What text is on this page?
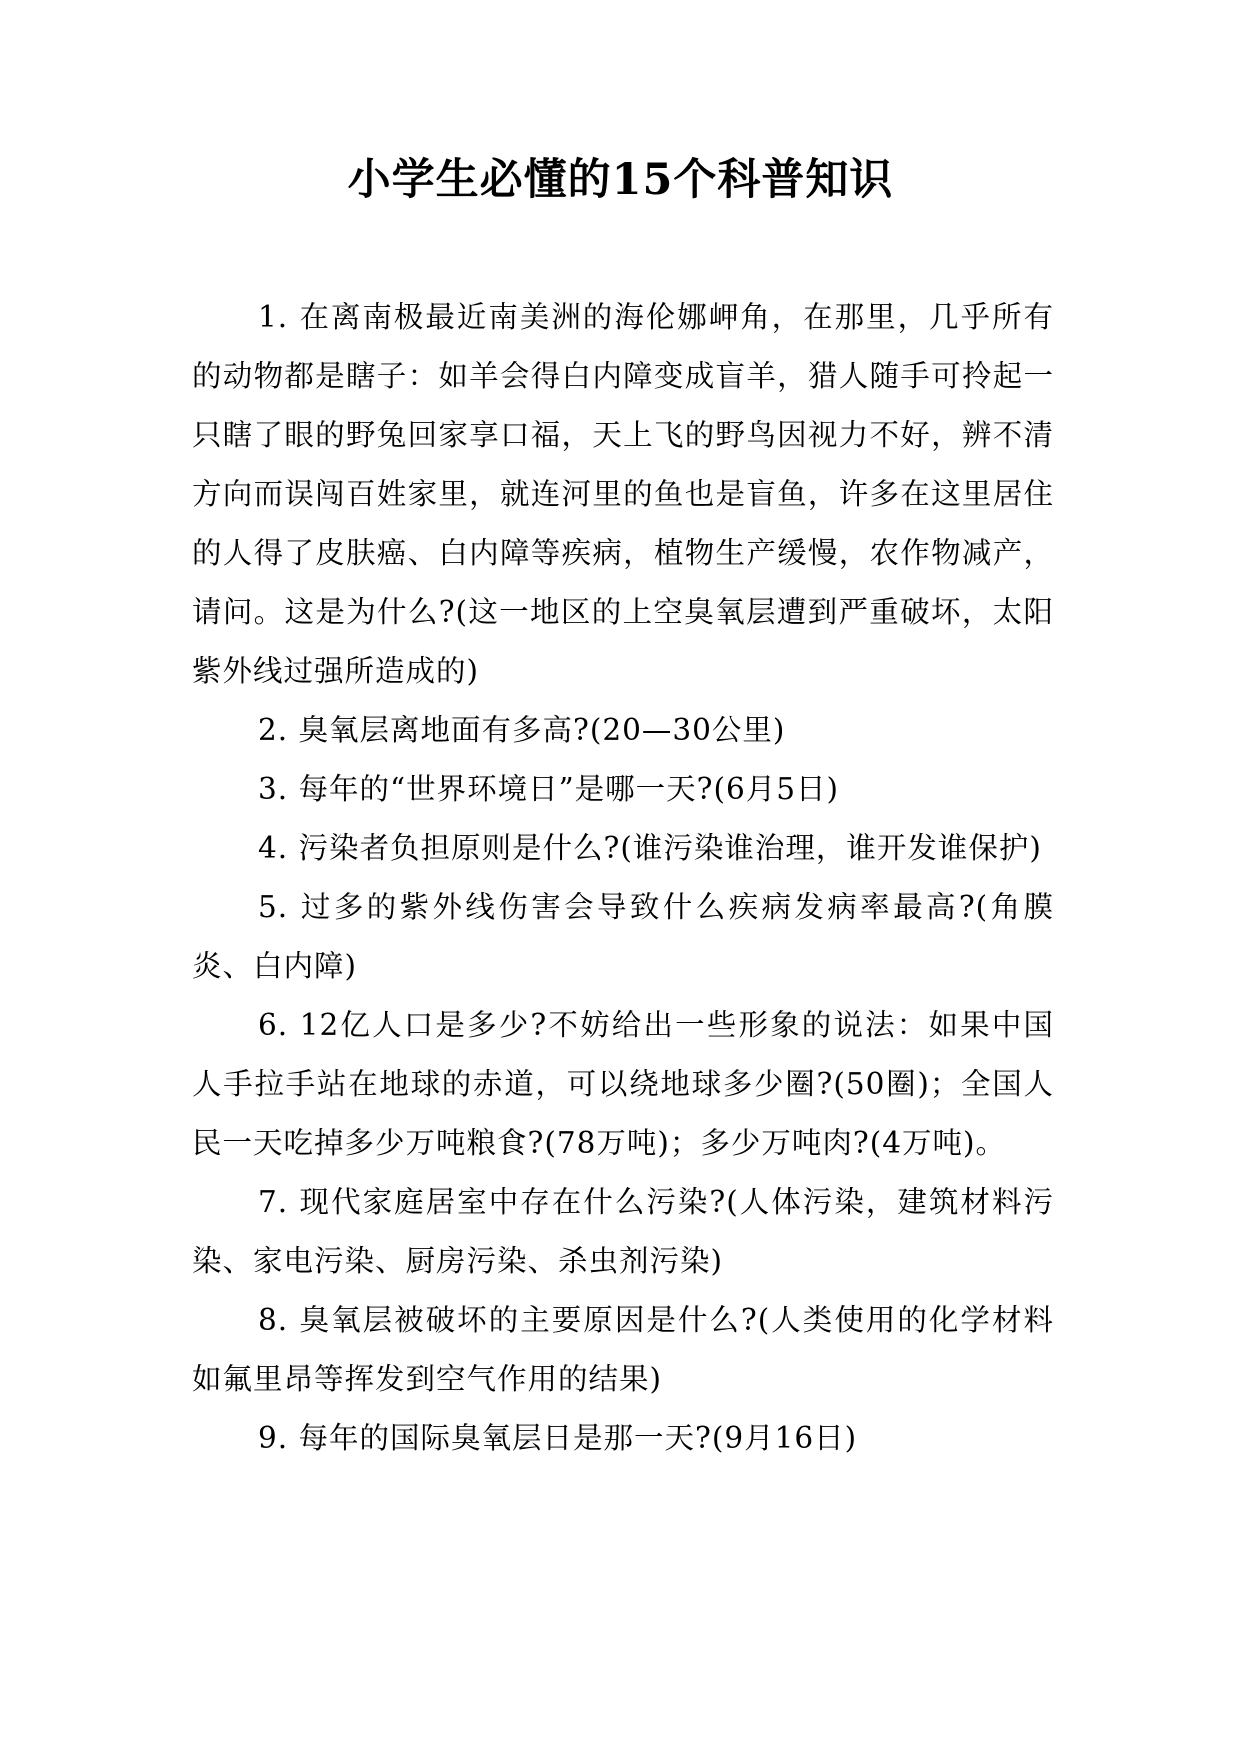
小学生必懂的15个科普知识

1. 在离南极最近南美洲的海伦娜岬角，在那里，几乎所有的动物都是瞎子：如羊会得白内障变成盲羊，猎人随手可拎起一只瞎了眼的野兔回家享口福，天上飞的野鸟因视力不好，辨不清方向而误闯百姓家里，就连河里的鱼也是盲鱼，许多在这里居住的人得了皮肤癌、白内障等疾病，植物生产缓慢，农作物减产，请问。这是为什么?(这一地区的上空臭氧层遭到严重破坏，太阳紫外线过强所造成的)

2. 臭氧层离地面有多高?(20—30公里)

3. 每年的“世界环境日”是哪一天?(6月5日)

4. 污染者负担原则是什么?(谁污染谁治理，谁开发谁保护)

5. 过多的紫外线伤害会导致什么疾病发病率最高?(角膜炎、白内障)

6. 12亿人口是多少?不妨给出一些形象的说法：如果中国人手拉手站在地球的赤道，可以绕地球多少圈?(50圈)；全国人民一天吃掉多少万吨粮食?(78万吨)；多少万吨肉?(4万吨)。

7. 现代家庭居室中存在什么污染?(人体污染，建筑材料污染、家电污染、厨房污染、杀虫剂污染)

8. 臭氧层被破坏的主要原因是什么?(人类使用的化学材料如氟里昂等挥发到空气作用的结果)

9. 每年的国际臭氧层日是那一天?(9月16日)
